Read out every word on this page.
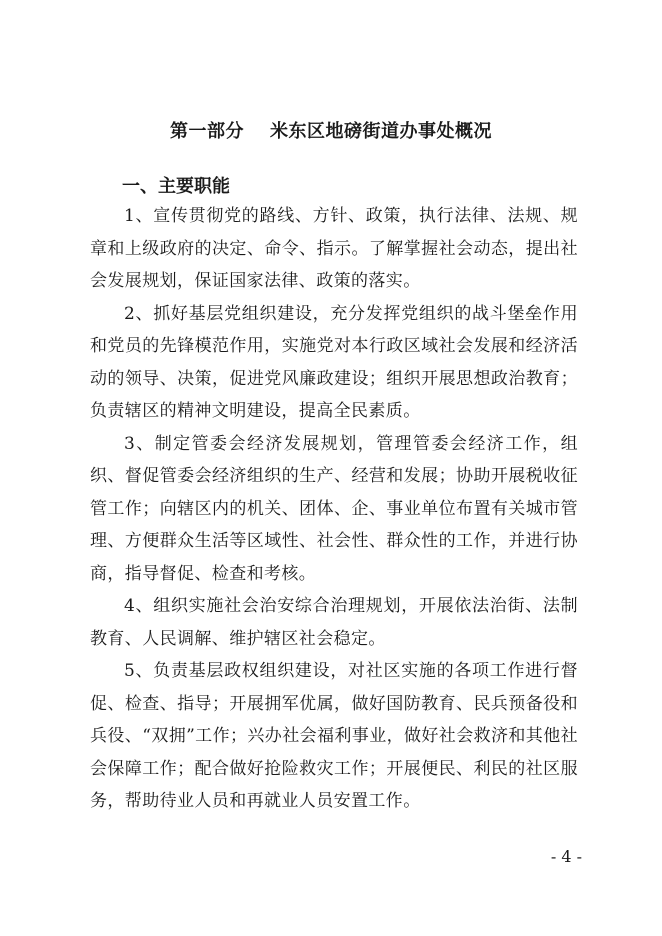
第一部分 米东区地磅街道办事处概况
一、主要职能

1、宣传贯彻党的路线、方针、政策，执行法律、法规、规章和上级政府的决定、命令、指示。了解掌握社会动态，提出社会发展规划，保证国家法律、政策的落实。

2、抓好基层党组织建设，充分发挥党组织的战斗堡垒作用和党员的先锋模范作用，实施党对本行政区域社会发展和经济活动的领导、决策，促进党风廉政建设；组织开展思想政治教育；负责辖区的精神文明建设，提高全民素质。

3、制定管委会经济发展规划，管理管委会经济工作，组织、督促管委会经济组织的生产、经营和发展；协助开展税收征管工作；向辖区内的机关、团体、企、事业单位布置有关城市管理、方便群众生活等区域性、社会性、群众性的工作，并进行协商，指导督促、检查和考核。

4、组织实施社会治安综合治理规划，开展依法治街、法制教育、人民调解、维护辖区社会稳定。

5、负责基层政权组织建设，对社区实施的各项工作进行督促、检查、指导；开展拥军优属，做好国防教育、民兵预备役和兵役、“双拥”工作；兴办社会福利事业，做好社会救济和其他社会保障工作；配合做好抢险救灾工作；开展便民、利民的社区服务，帮助待业人员和再就业人员安置工作。

- 4 -
